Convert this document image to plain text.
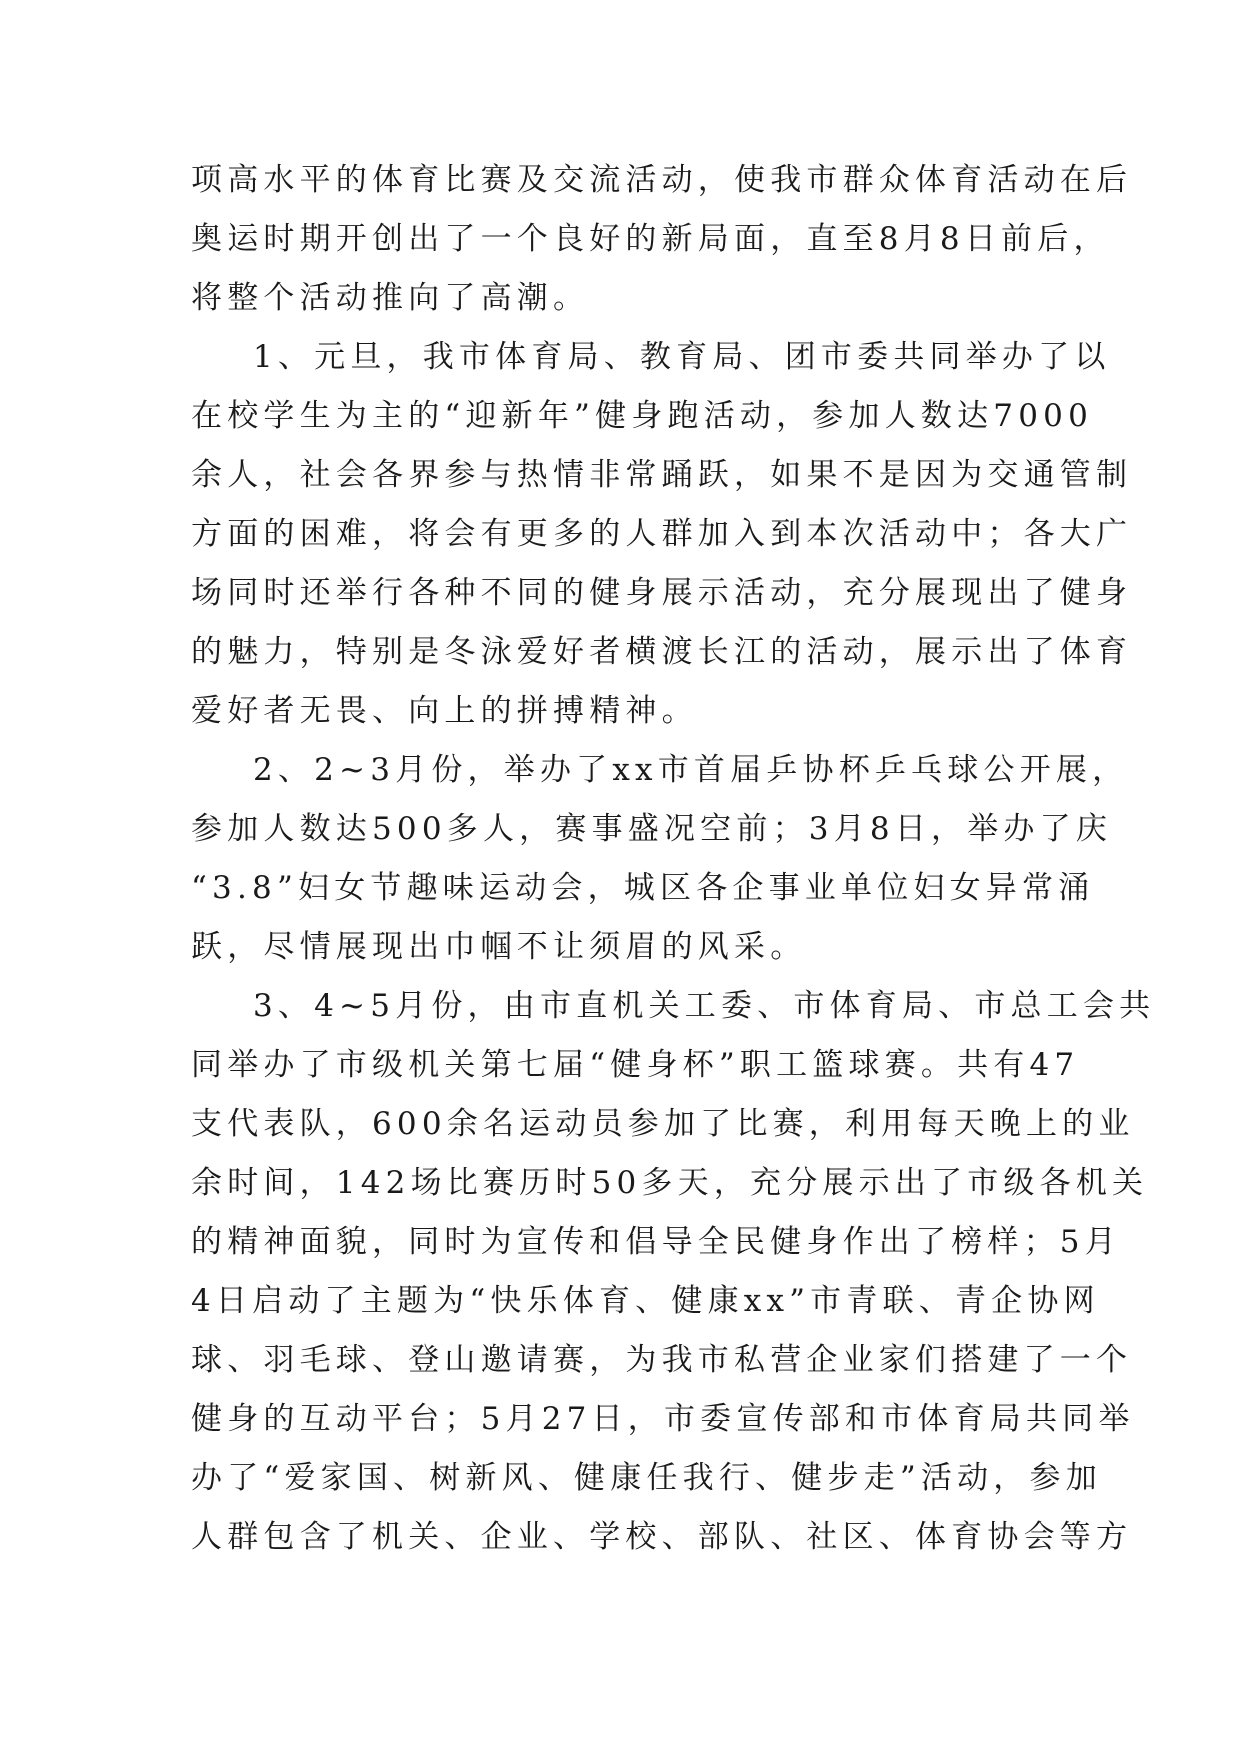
项高水平的体育比赛及交流活动，使我市群众体育活动在后
奥运时期开创出了一个良好的新局面，直至8月8日前后，
将整个活动推向了高潮。
1、元旦，我市体育局、教育局、团市委共同举办了以
在校学生为主的“迎新年”健身跑活动，参加人数达7000
余人，社会各界参与热情非常踊跃，如果不是因为交通管制
方面的困难，将会有更多的人群加入到本次活动中；各大广
场同时还举行各种不同的健身展示活动，充分展现出了健身
的魅力，特别是冬泳爱好者横渡长江的活动，展示出了体育
爱好者无畏、向上的拼搏精神。
2、2~3月份，举办了xx市首届乒协杯乒乓球公开展，
参加人数达500多人，赛事盛况空前；3月8日，举办了庆
“3.8”妇女节趣味运动会，城区各企事业单位妇女异常涌
跃，尽情展现出巾帼不让须眉的风采。
3、4~5月份，由市直机关工委、市体育局、市总工会共
同举办了市级机关第七届“健身杯”职工篮球赛。共有47
支代表队，600余名运动员参加了比赛，利用每天晚上的业
余时间，142场比赛历时50多天，充分展示出了市级各机关
的精神面貌，同时为宣传和倡导全民健身作出了榜样；5月
4日启动了主题为“快乐体育、健康xx”市青联、青企协网
球、羽毛球、登山邀请赛，为我市私营企业家们搭建了一个
健身的互动平台；5月27日，市委宣传部和市体育局共同举
办了“爱家国、树新风、健康任我行、健步走”活动，参加
人群包含了机关、企业、学校、部队、社区、体育协会等方
